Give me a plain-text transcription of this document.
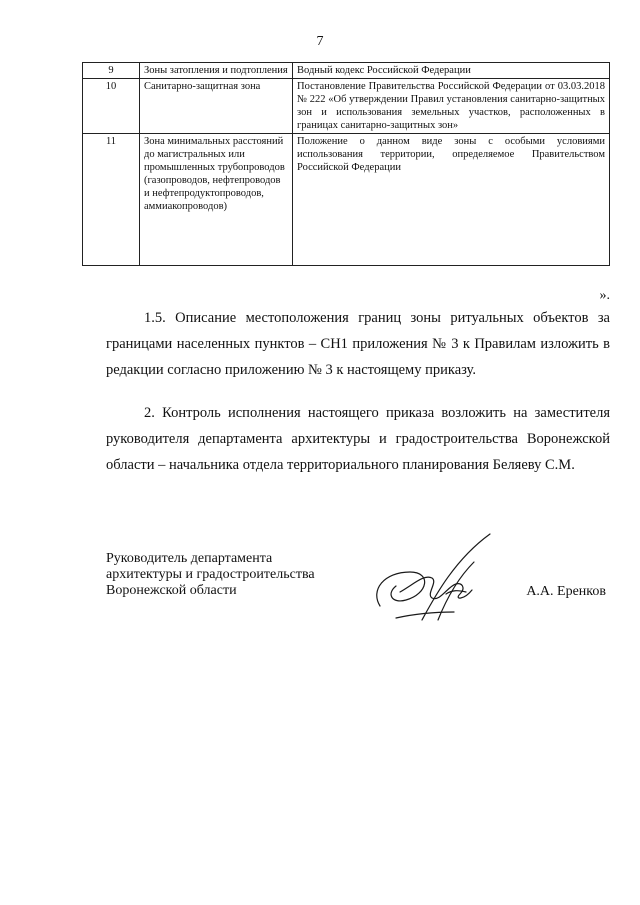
7
9	Зоны затопления и подтопления	Водный кодекс Российской Федерации
10	Санитарно-защитная зона	Постановление Правительства Российской Федерации от 03.03.2018 № 222 «Об утверждении Правил установления санитарно-защитных зон и использования земельных участков, расположенных в границах санитарно-защитных зон»
11	Зона минимальных расстояний до магистральных или промышленных трубопроводов (газопроводов, нефтепроводов и нефтепродуктопроводов, аммиакопроводов)	Положение о данном виде зоны с особыми условиями использования территории, определяемое Правительством Российской Федерации
».
1.5. Описание местоположения границ зоны ритуальных объектов за границами населенных пунктов – СН1 приложения № 3 к Правилам изложить в редакции согласно приложению № 3 к настоящему приказу.
2. Контроль исполнения настоящего приказа возложить на заместителя руководителя департамента архитектуры и градостроительства Воронежской области – начальника отдела территориального планирования Беляеву С.М.
Руководитель департамента
архитектуры и градостроительства
Воронежской области	А.А. Еренков
